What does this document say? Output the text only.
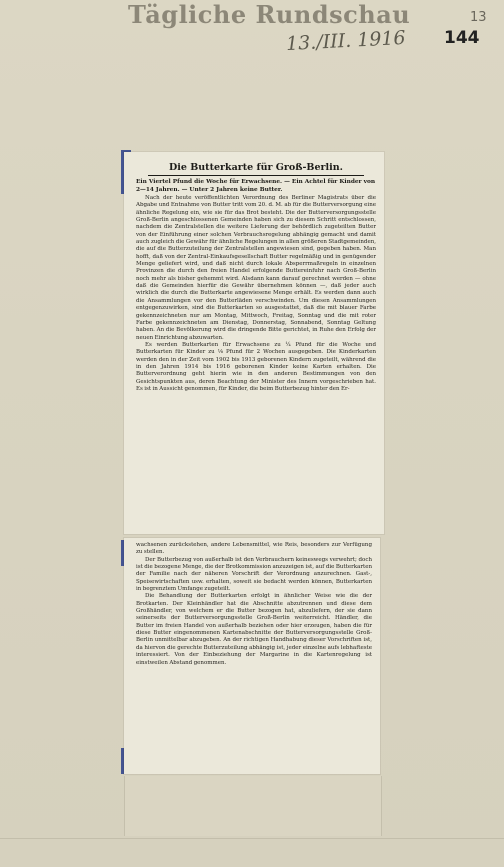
Tägliche Rundschau
13./III. 1916
13
144
Die Butterkarte für Groß-Berlin.
Ein Viertel Pfund die Woche für Erwachsene. — Ein Achtel für Kinder von 2—14 Jahren. — Unter 2 Jahren keine Butter.

Nach der heute veröffentlichten Verordnung des Berliner Magistrats über die Abgabe und Entnahme von Butter tritt vom 20. d. M. ab für die Butterversorgung eine ähnliche Regelung ein, wie sie für das Brot besteht. Die der Butterversorgungsstelle Groß-Berlin angeschlossenen Gemeinden haben sich zu diesem Schritt entschlossen, nachdem die Zentralstellen die weitere Lieferung der behördlich zugeteilten Butter von der Einführung einer solchen Verbrauchsregelung abhängig gemacht und damit auch zugleich die Gewähr für ähnliche Regelungen in allen größeren Stadtgemeinden, die auf die Butterzuteilung der Zentralstellen angewiesen sind, gegeben haben. Man hofft, daß von der Zentral-Einkaufsgesellschaft Butter regelmäßig und in genügender Menge geliefert wird, und daß nicht durch lokale Absperrmaßregeln in einzelnen Provinzen die durch den freien Handel erfolgende Buttereinfuhr nach Groß-Berlin noch mehr als bisher gehemmt wird. Alsdann kann darauf gerechnet werden — ohne daß die Gemeinden hierfür die Gewähr übernehmen können —, daß jeder auch wirklich die durch die Butterkarte angewiesene Menge erhält. Es werden dann auch die Ansammlungen vor den Butterläden verschwinden. Um diesen Ansammlungen entgegenzuwirken, sind die Butterkarten so ausgestattet, daß die mit blauer Farbe gekennzeichneten nur am Montag, Mittwoch, Freitag, Sonntag und die mit roter Farbe gekennzeichneten am Dienstag, Donnerstag, Sonnabend, Sonntag Geltung haben. An die Bevölkerung wird die dringende Bitte gerichtet, in Ruhe den Erfolg der neuen Einrichtung abzuwarten.

Es werden Butterkarten für Erwachsene zu ¼ Pfund für die Woche und Butterkarten für Kinder zu ⅛ Pfund für 2 Wochen ausgegeben. Die Kinderkarten werden den in der Zeit vom 1902 bis 1913 geborenen Kindern zugeteilt, während die in den Jahren 1914 bis 1916 geborenen Kinder keine Karten erhalten. Die Butterverordnung geht hierin wie in den anderen Bestimmungen von den Gesichtspunkten aus, deren Beachtung der Minister des Innern vorgeschrieben hat. Es ist in Aussicht genommen, für Kinder, die beim Butterbezug hinter den Er-

wachsenen zurückstehen, andere Lebensmittel, wie Reis, besonders zur Verfügung zu stellen.

Der Butterbezug von außerhalb ist den Verbrauchern keineswegs verwehrt; doch ist die bezogene Menge, die der Brotkommission anzuzeigen ist, auf die Butterkarten der Familie nach der näheren Vorschrift der Verordnung anzurechnen. Gast-, Speisewirtschaften usw. erhalten, soweit sie bedacht werden können, Butterkarten in begrenztem Umfange zugeteilt.

Die Behandlung der Butterkarten erfolgt in ähnlicher Weise wie die der Brotkarten. Der Kleinhändler hat die Abschnitte abzutrennen und diese dem Großhändler, von welchem er die Butter bezogen hat, abzuliefern, der sie dann seinerseits der Butterversorgungsstelle Groß-Berlin weiterreicht. Händler, die Butter im freien Handel von außerhalb beziehen oder hier erzeugen, haben die für diese Butter eingenommenen Kartenabschnitte der Butterversorgungsstelle Groß-Berlin unmittelbar abzugeben. An der richtigen Handhabung dieser Vorschriften ist, da hiervon die gerechte Butterzuteilung abhängig ist, jeder einzelne aufs lebhafteste interessiert. Von der Einbeziehung der Margarine in die Kartenregelung ist einstweilen Abstand genommen.
